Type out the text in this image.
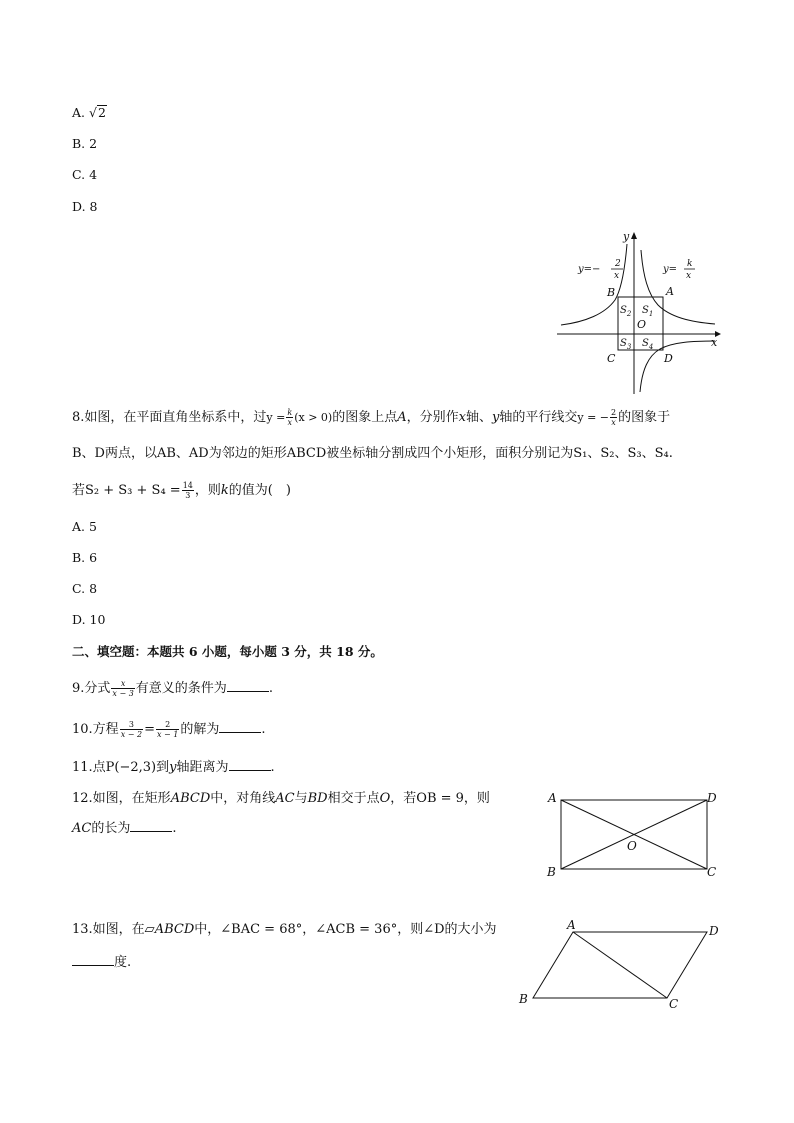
A. √2
B. 2
C. 4
D. 8
y
x
y=− 2
x
y= k
x
B	A
C	D
O
$S_2$ $S_1$
$S_3$ $S_4$
8.如图，在平面直角坐标系中，过$y = \frac{k}{x} (x > 0)$的图象上点A，分别作x轴、y轴的平行线交y = − $\frac{2}{x}$ 的图象于
B、D两点，以AB、AD为邻边的矩形ABCD被坐标轴分割成四个小矩形，面积分别记为S₁、S₂、S₃、S₄.
若$S_2 + S_3 + S_4 = \frac{14}{3}$ ，则k的值为(　)
A. 5
B. 6
C. 8
D. 10
二、填空题：本题共 6 小题，每小题 3 分，共 18 分。
9.分式 $\frac{x}{x - 3}$ 有意义的条件为	.
10.方程 $\frac{3}{x - 2} = \frac{2}{x - 1}$ 的解为	.
11.点P(−2,3)到y轴距离为	.
12.如图，在矩形ABCD中，对角线AC与BD相交于点O，若OB = 9，则
AC的长为	.
A	D
B	C
O
13.如图，在▱ABCD中，∠BAC = 68°，∠ACB = 36°，则∠D的大小为
度.
A	D
B	C
